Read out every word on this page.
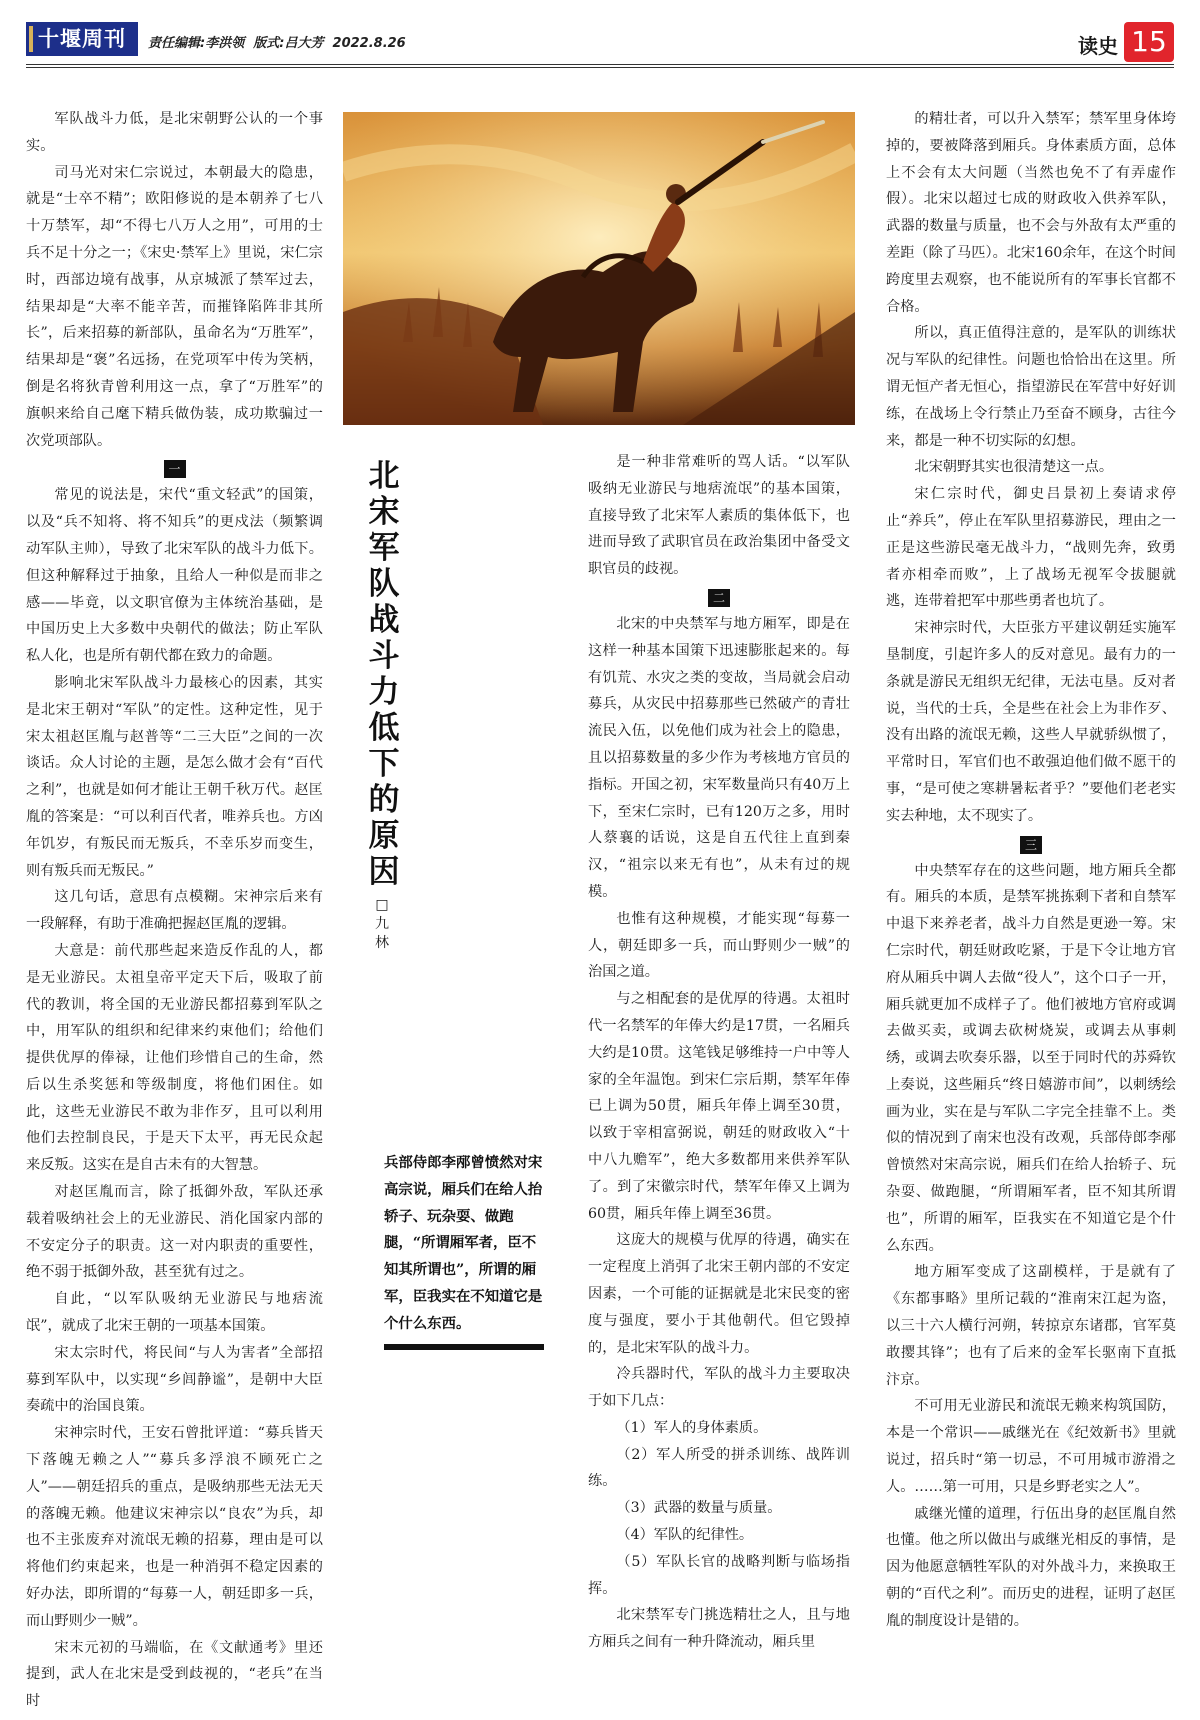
十堰周刊	责任编辑:李洪领 版式:吕大芳 2022.8.26	读史 15

军队战斗力低，是北宋朝野公认的一个事实。

司马光对宋仁宗说过，本朝最大的隐患，就是“士卒不精”；欧阳修说的是本朝养了七八十万禁军，却“不得七八万人之用”，可用的士兵不足十分之一；《宋史·禁军上》里说，宋仁宗时，西部边境有战事，从京城派了禁军过去，结果却是“大率不能辛苦，而摧锋陷阵非其所长”，后来招募的新部队，虽命名为“万胜军”，结果却是“褒”名远扬，在党项军中传为笑柄，倒是名将狄青曾利用这一点，拿了“万胜军”的旗帜来给自己麾下精兵做伪装，成功欺骗过一次党项部队。

一

常见的说法是，宋代“重文轻武”的国策，以及“兵不知将、将不知兵”的更戍法（频繁调动军队主帅），导致了北宋军队的战斗力低下。但这种解释过于抽象，且给人一种似是而非之感——毕竟，以文职官僚为主体统治基础，是中国历史上大多数中央朝代的做法；防止军队私人化，也是所有朝代都在致力的命题。

影响北宋军队战斗力最核心的因素，其实是北宋王朝对“军队”的定性。这种定性，见于宋太祖赵匡胤与赵普等“二三大臣”之间的一次谈话。众人讨论的主题，是怎么做才会有“百代之利”，也就是如何才能让王朝千秋万代。赵匡胤的答案是：“可以利百代者，唯养兵也。方凶年饥岁，有叛民而无叛兵，不幸乐岁而变生，则有叛兵而无叛民。”

这几句话，意思有点模糊。宋神宗后来有一段解释，有助于准确把握赵匡胤的逻辑。

大意是：前代那些起来造反作乱的人，都是无业游民。太祖皇帝平定天下后，吸取了前代的教训，将全国的无业游民都招募到军队之中，用军队的组织和纪律来约束他们；给他们提供优厚的俸禄，让他们珍惜自己的生命，然后以生杀奖惩和等级制度，将他们困住。如此，这些无业游民不敢为非作歹，且可以利用他们去控制良民，于是天下太平，再无民众起来反叛。这实在是自古未有的大智慧。

对赵匡胤而言，除了抵御外敌，军队还承载着吸纳社会上的无业游民、消化国家内部的不安定分子的职责。这一对内职责的重要性，绝不弱于抵御外敌，甚至犹有过之。

自此，“以军队吸纳无业游民与地痞流氓”，就成了北宋王朝的一项基本国策。

宋太宗时代，将民间“与人为害者”全部招募到军队中，以实现“乡闾静谧”，是朝中大臣奏疏中的治国良策。

宋神宗时代，王安石曾批评道：“募兵皆天下落魄无赖之人”“募兵多浮浪不顾死亡之人”——朝廷招兵的重点，是吸纳那些无法无天的落魄无赖。他建议宋神宗以“良农”为兵，却也不主张废弃对流氓无赖的招募，理由是可以将他们约束起来，也是一种消弭不稳定因素的好办法，即所谓的“每募一人，朝廷即多一兵，而山野则少一贼”。

宋末元初的马端临，在《文献通考》里还提到，武人在北宋是受到歧视的，“老兵”在当时

北
宋
军
队
战
斗
力
低
下
的
原
因
□
九
林
兵部侍郎李邴曾愤然对宋高宗说，厢兵们在给人抬轿子、玩杂耍、做跑腿，“所谓厢军者，臣不知其所谓也”，所谓的厢军，臣我实在不知道它是个什么东西。

是一种非常难听的骂人话。“以军队吸纳无业游民与地痞流氓”的基本国策，直接导致了北宋军人素质的集体低下，也进而导致了武职官员在政治集团中备受文职官员的歧视。

二

北宋的中央禁军与地方厢军，即是在这样一种基本国策下迅速膨胀起来的。每有饥荒、水灾之类的变故，当局就会启动募兵，从灾民中招募那些已然破产的青壮流民入伍，以免他们成为社会上的隐患，且以招募数量的多少作为考核地方官员的指标。开国之初，宋军数量尚只有40万上下，至宋仁宗时，已有120万之多，用时人蔡襄的话说，这是自五代往上直到秦汉，“祖宗以来无有也”，从未有过的规模。

也惟有这种规模，才能实现“每募一人，朝廷即多一兵，而山野则少一贼”的治国之道。

与之相配套的是优厚的待遇。太祖时代一名禁军的年俸大约是17贯，一名厢兵大约是10贯。这笔钱足够维持一户中等人家的全年温饱。到宋仁宗后期，禁军年俸已上调为50贯，厢兵年俸上调至30贯，以致于宰相富弼说，朝廷的财政收入“十中八九赡军”，绝大多数都用来供养军队了。到了宋徽宗时代，禁军年俸又上调为60贯，厢兵年俸上调至36贯。

这庞大的规模与优厚的待遇，确实在一定程度上消弭了北宋王朝内部的不安定因素，一个可能的证据就是北宋民变的密度与强度，要小于其他朝代。但它毁掉的，是北宋军队的战斗力。

冷兵器时代，军队的战斗力主要取决于如下几点：

（1）军人的身体素质。

（2）军人所受的拼杀训练、战阵训练。

（3）武器的数量与质量。

（4）军队的纪律性。

（5）军队长官的战略判断与临场指挥。

北宋禁军专门挑选精壮之人，且与地方厢兵之间有一种升降流动，厢兵里

的精壮者，可以升入禁军；禁军里身体垮掉的，要被降落到厢兵。身体素质方面，总体上不会有太大问题（当然也免不了有弄虚作假）。北宋以超过七成的财政收入供养军队，武器的数量与质量，也不会与外敌有太严重的差距（除了马匹）。北宋160余年，在这个时间跨度里去观察，也不能说所有的军事长官都不合格。

所以，真正值得注意的，是军队的训练状况与军队的纪律性。问题也恰恰出在这里。所谓无恒产者无恒心，指望游民在军营中好好训练，在战场上令行禁止乃至奋不顾身，古往今来，都是一种不切实际的幻想。

北宋朝野其实也很清楚这一点。

宋仁宗时代，御史吕景初上奏请求停止“养兵”，停止在军队里招募游民，理由之一正是这些游民毫无战斗力，“战则先奔，致勇者亦相牵而败”，上了战场无视军令拔腿就逃，连带着把军中那些勇者也坑了。

宋神宗时代，大臣张方平建议朝廷实施军垦制度，引起许多人的反对意见。最有力的一条就是游民无组织无纪律，无法屯垦。反对者说，当代的士兵，全是些在社会上为非作歹、没有出路的流氓无赖，这些人早就骄纵惯了，平常时日，军官们也不敢强迫他们做不愿干的事，“是可使之寒耕暑耘者乎？”要他们老老实实去种地，太不现实了。

三

中央禁军存在的这些问题，地方厢兵全都有。厢兵的本质，是禁军挑拣剩下者和自禁军中退下来养老者，战斗力自然是更逊一筹。宋仁宗时代，朝廷财政吃紧，于是下令让地方官府从厢兵中调人去做“役人”，这个口子一开，厢兵就更加不成样子了。他们被地方官府或调去做买卖，或调去砍树烧炭，或调去从事刺绣，或调去吹奏乐器，以至于同时代的苏舜钦上奏说，这些厢兵“终日嬉游市间”，以刺绣绘画为业，实在是与军队二字完全挂靠不上。类似的情况到了南宋也没有改观，兵部侍郎李邴曾愤然对宋高宗说，厢兵们在给人抬轿子、玩杂耍、做跑腿，“所谓厢军者，臣不知其所谓也”，所谓的厢军，臣我实在不知道它是个什么东西。

地方厢军变成了这副模样，于是就有了《东都事略》里所记载的“淮南宋江起为盗，以三十六人横行河朔，转掠京东诸郡，官军莫敢撄其锋”；也有了后来的金军长驱南下直抵汴京。

不可用无业游民和流氓无赖来构筑国防，本是一个常识——戚继光在《纪效新书》里就说过，招兵时“第一切忌，不可用城市游滑之人。……第一可用，只是乡野老实之人”。

戚继光懂的道理，行伍出身的赵匡胤自然也懂。他之所以做出与戚继光相反的事情，是因为他愿意牺牲军队的对外战斗力，来换取王朝的“百代之利”。而历史的进程，证明了赵匡胤的制度设计是错的。
